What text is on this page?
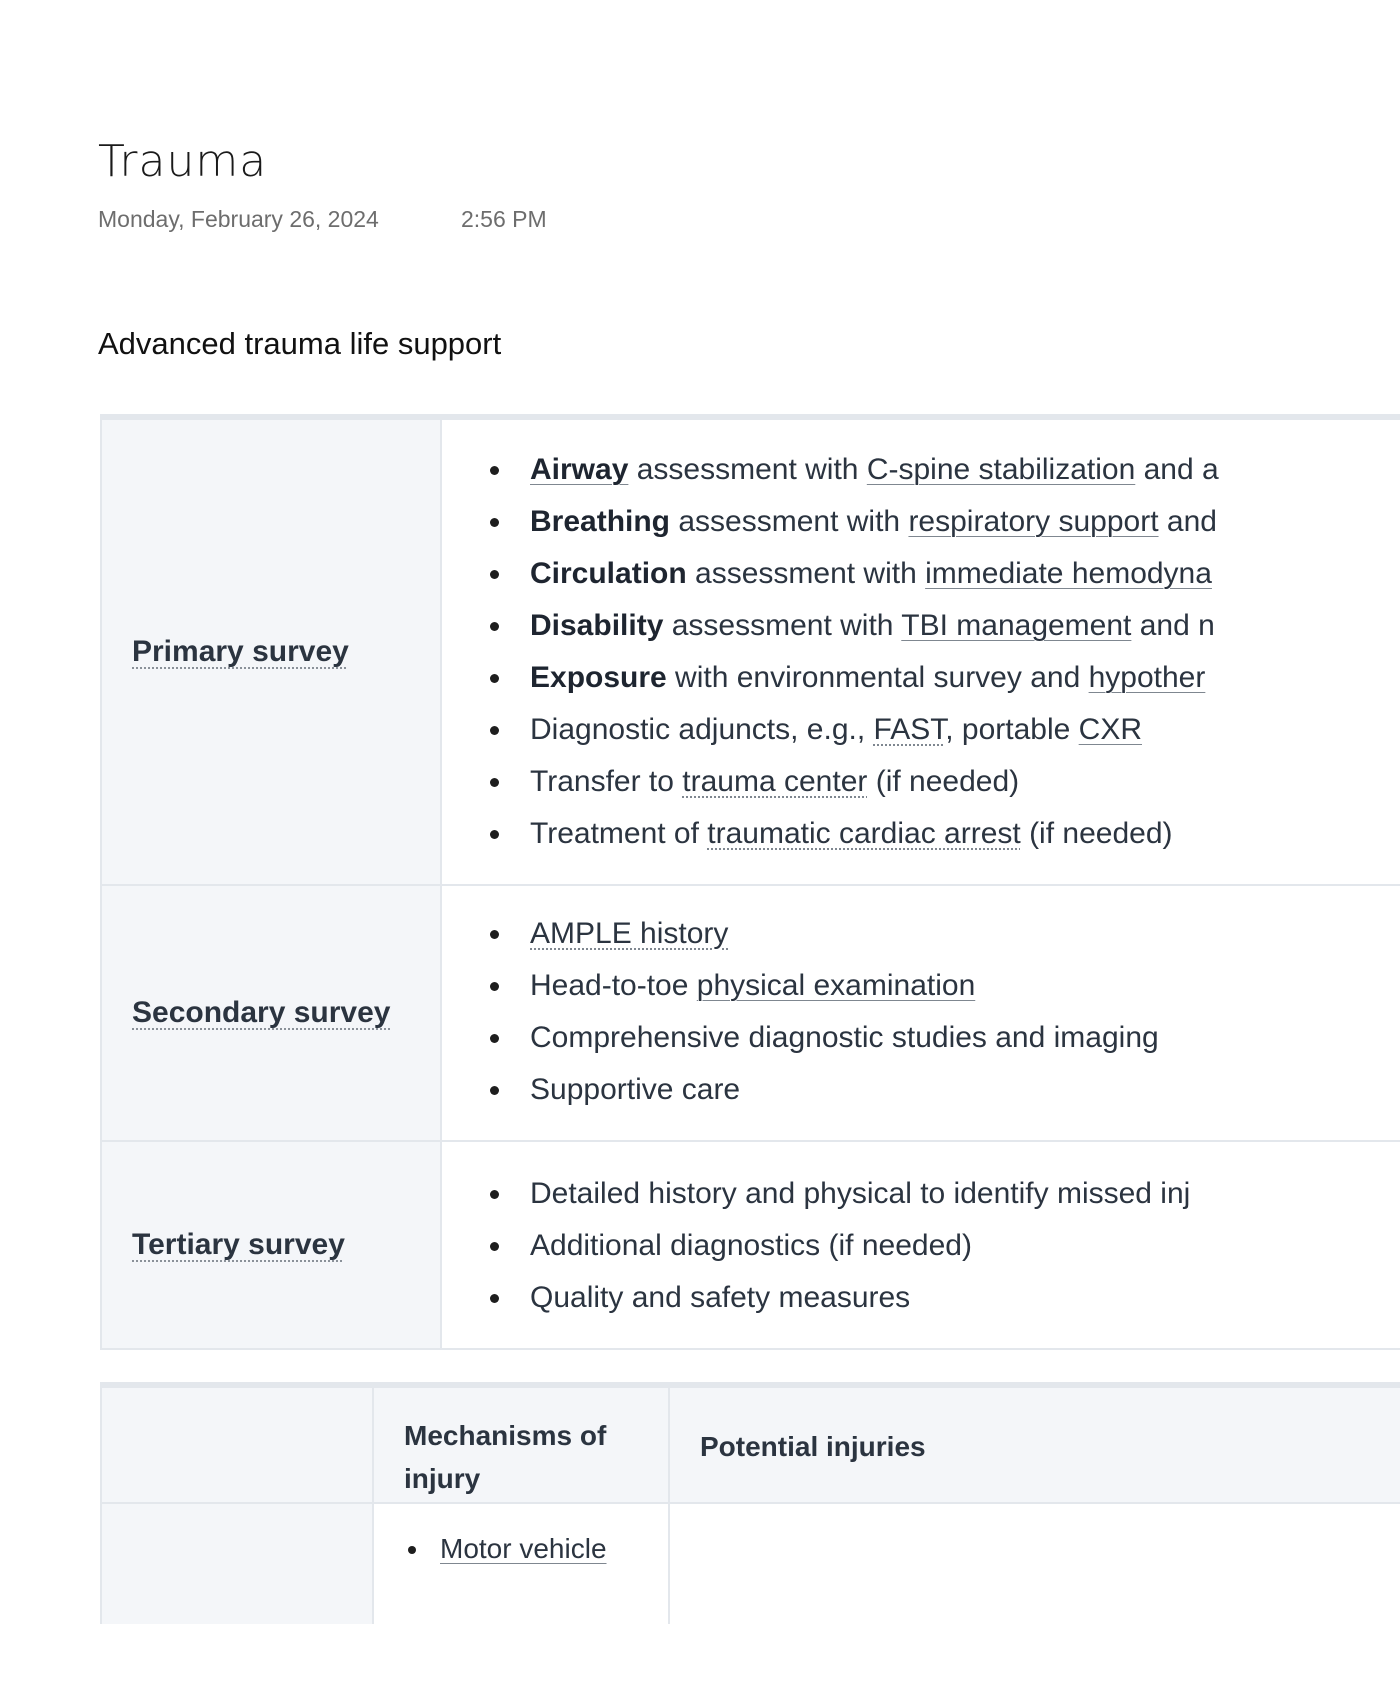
Trauma
Monday, February 26, 2024	2:56 PM
Advanced trauma life support
Primary survey
Airway assessment with C-spine stabilization and a
Breathing assessment with respiratory support and
Circulation assessment with immediate hemodyna
Disability assessment with TBI management and n
Exposure with environmental survey and hypother
Diagnostic adjuncts, e.g., FAST, portable CXR
Transfer to trauma center (if needed)
Treatment of traumatic cardiac arrest (if needed)
Secondary survey
AMPLE history
Head-to-toe physical examination
Comprehensive diagnostic studies and imaging
Supportive care
Tertiary survey
Detailed history and physical to identify missed inj
Additional diagnostics (if needed)
Quality and safety measures
Mechanisms of injury
Potential injuries
Motor vehicle
